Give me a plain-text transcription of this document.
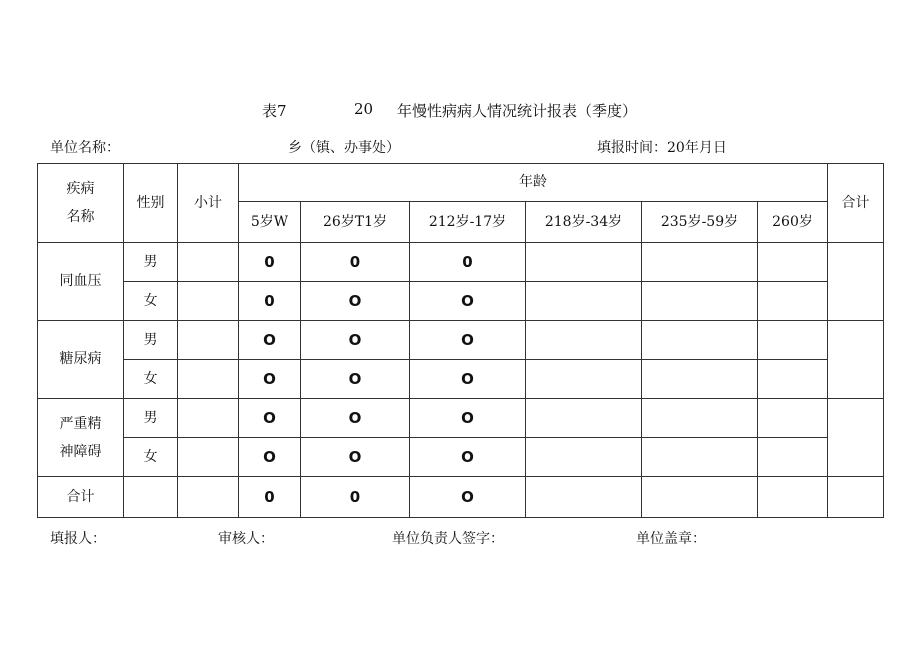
表7	20 年慢性病病人情况统计报表（季度）
单位名称：	乡（镇、办事处）	填报时间：20年月日
疾病
名称	性别	小计	年龄						合计
			5岁W	26岁T1岁	212岁-17岁	218岁-34岁	235岁-59岁	260岁	
同血压	男		0	0	0				
	女		0	O	O				
糖尿病	男		O	O	O				
	女		O	O	O				
严重精神障碍	男		O	O	O				
	女		O	O	O				
合计			0	0	O				
填报人：	审核人：	单位负责人签字：	单位盖章：
